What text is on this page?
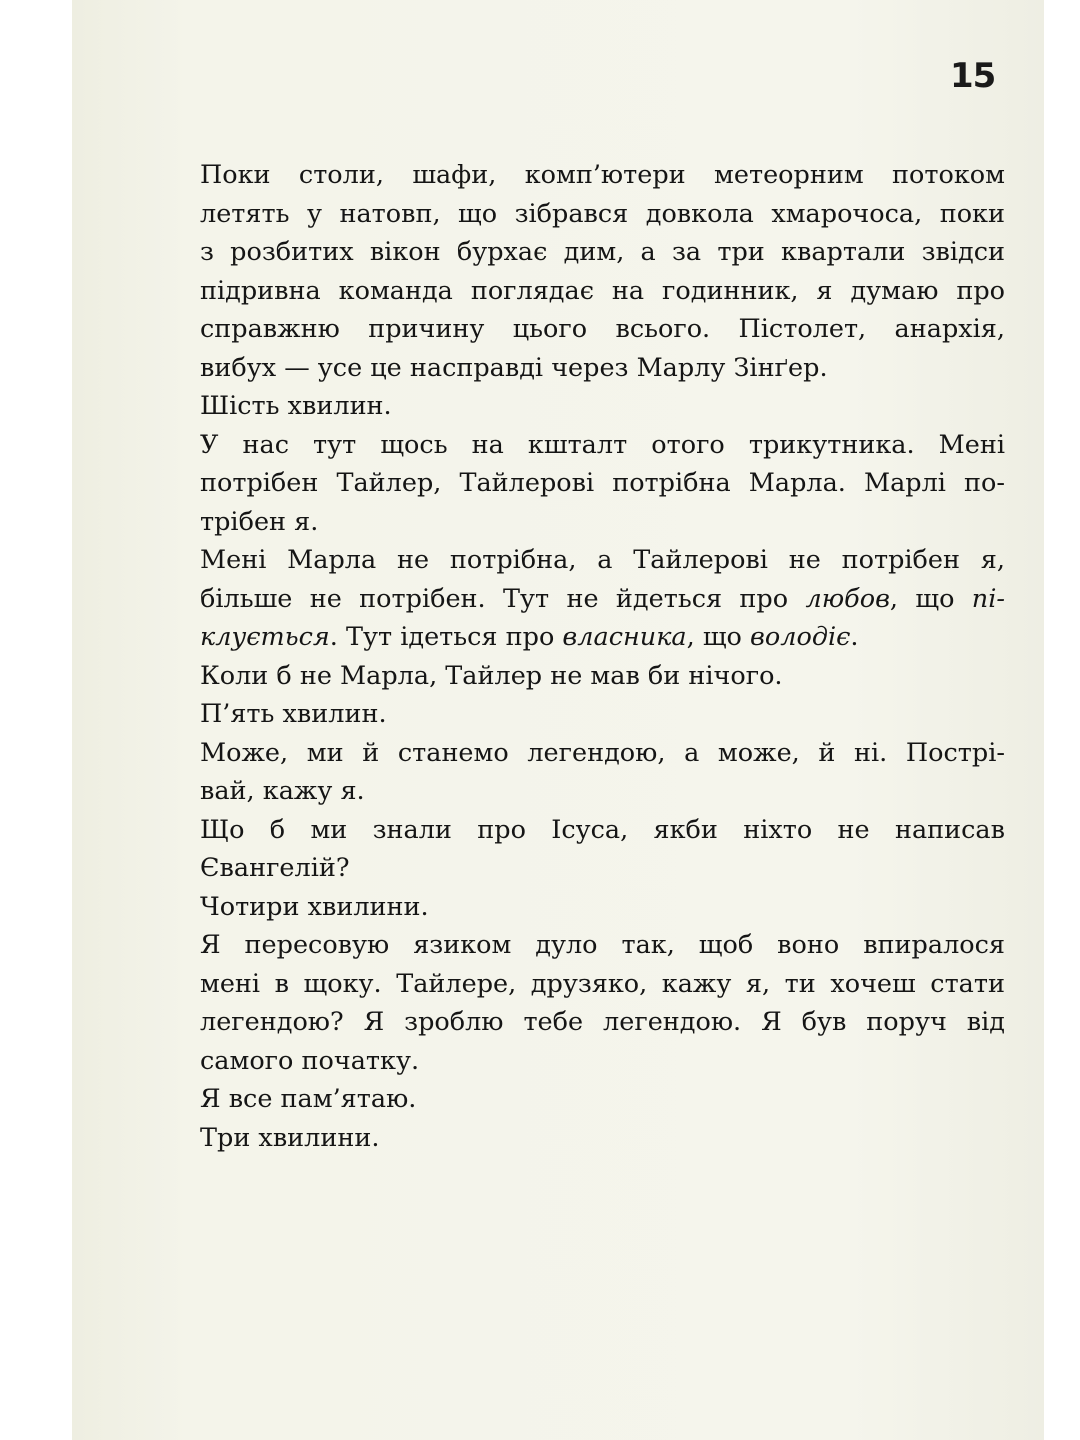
15

Поки столи, шафи, комп’ютери метеорним потоком
летять у натовп, що зібрався довкола хмарочоса, поки
з розбитих вікон бурхає дим, а за три квартали звідси
підривна команда поглядає на годинник, я думаю про
справжню причину цього всього. Пістолет, анархія,
вибух — усе це насправді через Марлу Зінґер.

Шість хвилин.

У нас тут щось на кшталт отого трикутника. Мені
потрібен Тайлер, Тайлерові потрібна Марла. Марлі по-
трібен я.

Мені Марла не потрібна, а Тайлерові не потрібен я,
більше не потрібен. Тут не йдеться про любов, що пі-
клується. Тут ідеться про власника, що володіє.

Коли б не Марла, Тайлер не мав би нічого.

П’ять хвилин.

Може, ми й станемо легендою, а може, й ні. Пострi-
вай, кажу я.

Що б ми знали про Ісуса, якби ніхто не написав
Євангелій?

Чотири хвилини.

Я пересовую язиком дуло так, щоб воно впиралося
мені в щоку. Тайлере, друзяко, кажу я, ти хочеш стати
легендою? Я зроблю тебе легендою. Я був поруч від
самого початку.

Я все пам’ятаю.

Три хвилини.
